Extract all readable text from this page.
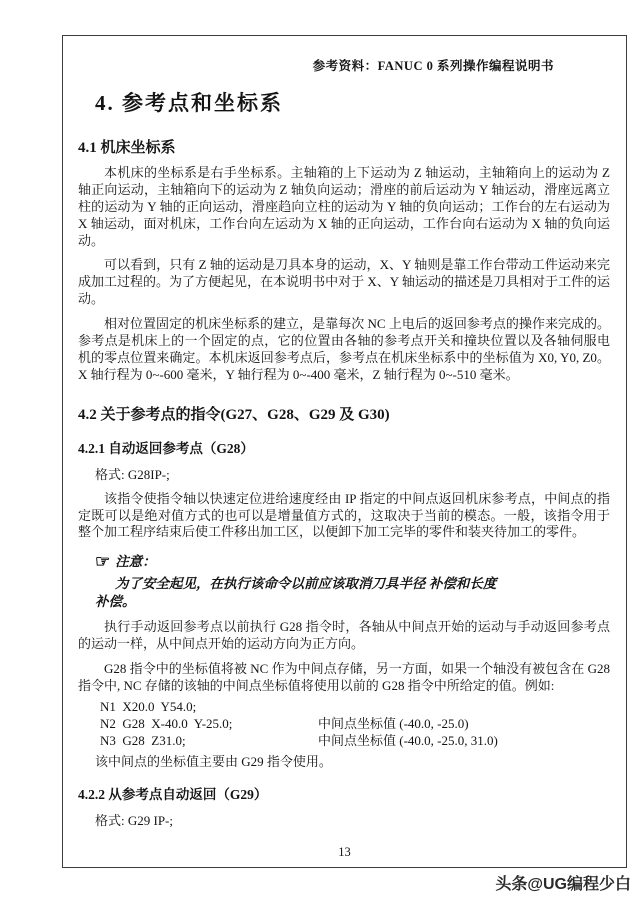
参考资料：FANUC 0 系列操作编程说明书
4. 参考点和坐标系
4.1 机床坐标系

本机床的坐标系是右手坐标系。主轴箱的上下运动为 Z 轴运动，主轴箱向上的运动为 Z 轴正向运动，主轴箱向下的运动为 Z 轴负向运动；滑座的前后运动为 Y 轴运动，滑座远离立柱的运动为 Y 轴的正向运动，滑座趋向立柱的运动为 Y 轴的负向运动；工作台的左右运动为 X 轴运动，面对机床，工作台向左运动为 X 轴的正向运动，工作台向右运动为 X 轴的负向运动。

可以看到，只有 Z 轴的运动是刀具本身的运动，X、Y 轴则是靠工作台带动工件运动来完成加工过程的。为了方便起见，在本说明书中对于 X、Y 轴运动的描述是刀具相对于工件的运动。

相对位置固定的机床坐标系的建立，是靠每次 NC 上电后的返回参考点的操作来完成的。参考点是机床上的一个固定的点，它的位置由各轴的参考点开关和撞块位置以及各轴伺服电机的零点位置来确定。本机床返回参考点后，参考点在机床坐标系中的坐标值为 X0, Y0, Z0。X 轴行程为 0~-600 毫米，Y 轴行程为 0~-400 毫米，Z 轴行程为 0~-510 毫米。

4.2 关于参考点的指令(G27、G28、G29 及 G30)
4.2.1 自动返回参考点（G28）
格式: G28IP-;

该指令使指令轴以快速定位进给速度经由 IP 指定的中间点返回机床参考点，中间点的指定既可以是绝对值方式的也可以是增量值方式的，这取决于当前的模态。一般，该指令用于整个加工程序结束后使工件移出加工区，以便卸下加工完毕的零件和装夹待加工的零件。

☞ 注意：
为了安全起见，在执行该命令以前应该取消刀具半径 补偿和长度补偿。

执行手动返回参考点以前执行 G28 指令时，各轴从中间点开始的运动与手动返回参考点的运动一样，从中间点开始的运动方向为正方向。

G28 指令中的坐标值将被 NC 作为中间点存储，另一方面，如果一个轴没有被包含在 G28 指令中, NC 存储的该轴的中间点坐标值将使用以前的 G28 指令中所给定的值。例如:

N1  X20.0  Y54.0;
N2  G28  X-40.0  Y-25.0;	中间点坐标值 (-40.0, -25.0)
N3  G28  Z31.0;	中间点坐标值 (-40.0, -25.0, 31.0)
该中间点的坐标值主要由 G29 指令使用。
4.2.2 从参考点自动返回（G29）
格式: G29 IP-;
13
头条@UG编程少白
